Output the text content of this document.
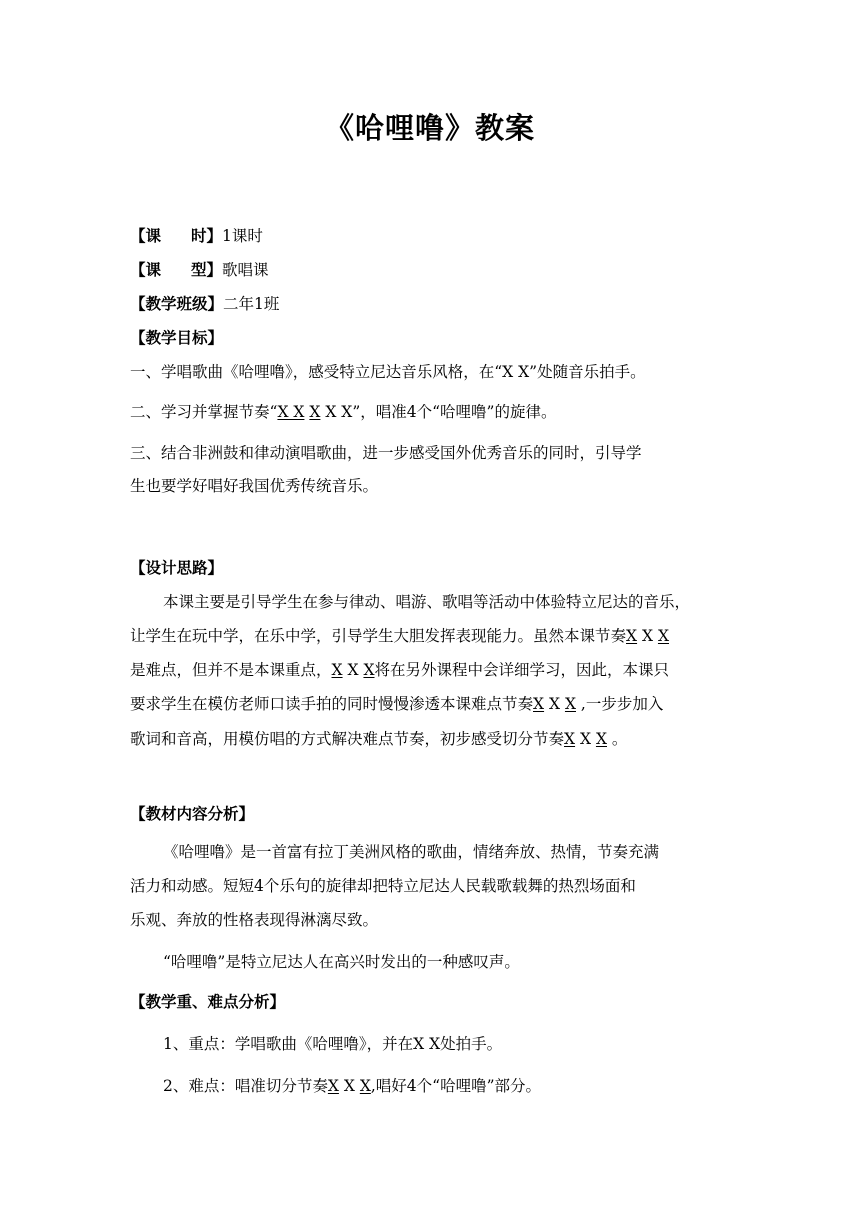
《哈哩噜》教案
【课 时】1课时
【课 型】歌唱课
【教学班级】二年1班
【教学目标】
一、学唱歌曲《哈哩噜》，感受特立尼达音乐风格，在“X X”处随音乐拍手。
二、学习并掌握节奏“X X X X X”，唱准4个“哈哩噜”的旋律。
三、结合非洲鼓和律动演唱歌曲，进一步感受国外优秀音乐的同时，引导学
生也要学好唱好我国优秀传统音乐。
【设计思路】
本课主要是引导学生在参与律动、唱游、歌唱等活动中体验特立尼达的音乐，
让学生在玩中学，在乐中学，引导学生大胆发挥表现能力。虽然本课节奏X X X
是难点，但并不是本课重点，X X X将在另外课程中会详细学习，因此，本课只
要求学生在模仿老师口读手拍的同时慢慢渗透本课难点节奏X X X ,一步步加入
歌词和音高，用模仿唱的方式解决难点节奏，初步感受切分节奏X X X 。
【教材内容分析】
《哈哩噜》是一首富有拉丁美洲风格的歌曲，情绪奔放、热情，节奏充满
活力和动感。短短4个乐句的旋律却把特立尼达人民载歌载舞的热烈场面和
乐观、奔放的性格表现得淋漓尽致。
“哈哩噜”是特立尼达人在高兴时发出的一种感叹声。
【教学重、难点分析】
1、重点：学唱歌曲《哈哩噜》，并在X X处拍手。
2、难点：唱准切分节奏X X X,唱好4个“哈哩噜”部分。
